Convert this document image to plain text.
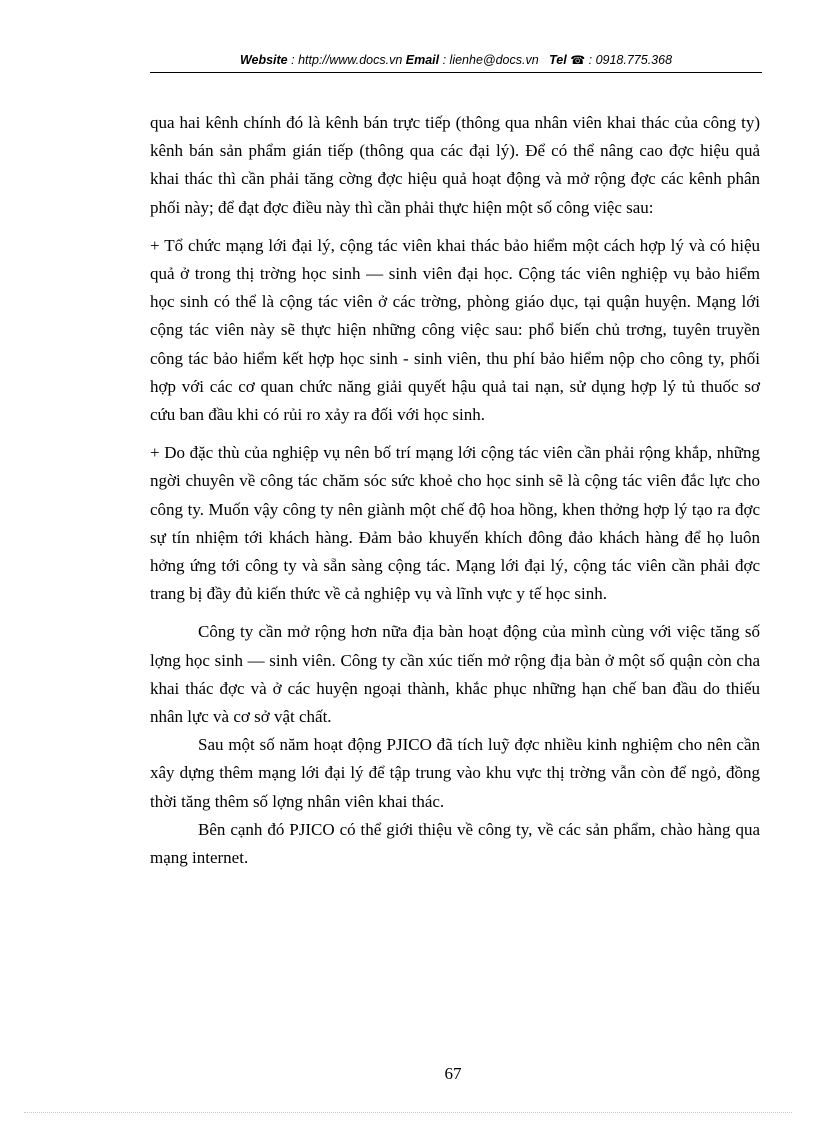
Website : http://www.docs.vn Email : lienhe@docs.vn Tel ☎ : 0918.775.368

qua hai kênh chính đó là kênh bán trực tiếp (thông qua nhân viên khai thác của công ty) kênh bán sản phẩm gián tiếp (thông qua các đại lý). Để có thể nâng cao đợc hiệu quả khai thác thì cần phải tăng cờng đợc hiệu quả hoạt động và mở rộng đợc các kênh phân phối này; để đạt đợc điều này thì cần phải thực hiện một số công việc sau:

+ Tổ chức mạng lới đại lý, cộng tác viên khai thác bảo hiểm một cách hợp lý và có hiệu quả ở trong thị trờng học sinh — sinh viên đại học. Cộng tác viên nghiệp vụ bảo hiểm học sinh có thể là cộng tác viên ở các trờng, phòng giáo dục, tại quận huyện. Mạng lới cộng tác viên này sẽ thực hiện những công việc sau: phổ biến chủ trơng, tuyên truyền công tác bảo hiểm kết hợp học sinh - sinh viên, thu phí bảo hiểm nộp cho công ty, phối hợp với các cơ quan chức năng giải quyết hậu quả tai nạn, sử dụng hợp lý tủ thuốc sơ cứu ban đầu khi có rủi ro xảy ra đối với học sinh.

+ Do đặc thù của nghiệp vụ nên bố trí mạng lới cộng tác viên cần phải rộng khắp, những ngời chuyên về công tác chăm sóc sức khoẻ cho học sinh sẽ là cộng tác viên đắc lực cho công ty. Muốn vậy công ty nên giành một chế độ hoa hồng, khen thởng hợp lý tạo ra đợc sự tín nhiệm tới khách hàng. Đảm bảo khuyến khích đông đảo khách hàng để họ luôn hởng ứng tới công ty và sẵn sàng cộng tác. Mạng lới đại lý, cộng tác viên cần phải đợc trang bị đầy đủ kiến thức về cả nghiệp vụ và lĩnh vực y tế học sinh.

Công ty cần mở rộng hơn nữa địa bàn hoạt động của mình cùng với việc tăng số lợng học sinh — sinh viên. Công ty cần xúc tiến mở rộng địa bàn ở một số quận còn cha khai thác đợc và ở các huyện ngoại thành, khắc phục những hạn chế ban đầu do thiếu nhân lực và cơ sở vật chất.

Sau một số năm hoạt động PJICO đã tích luỹ đợc nhiều kinh nghiệm cho nên cần xây dựng thêm mạng lới đại lý để tập trung vào khu vực thị trờng vẫn còn để ngỏ, đồng thời tăng thêm số lợng nhân viên khai thác.

Bên cạnh đó PJICO có thể giới thiệu về công ty, về các sản phẩm, chào hàng qua mạng internet.

67
